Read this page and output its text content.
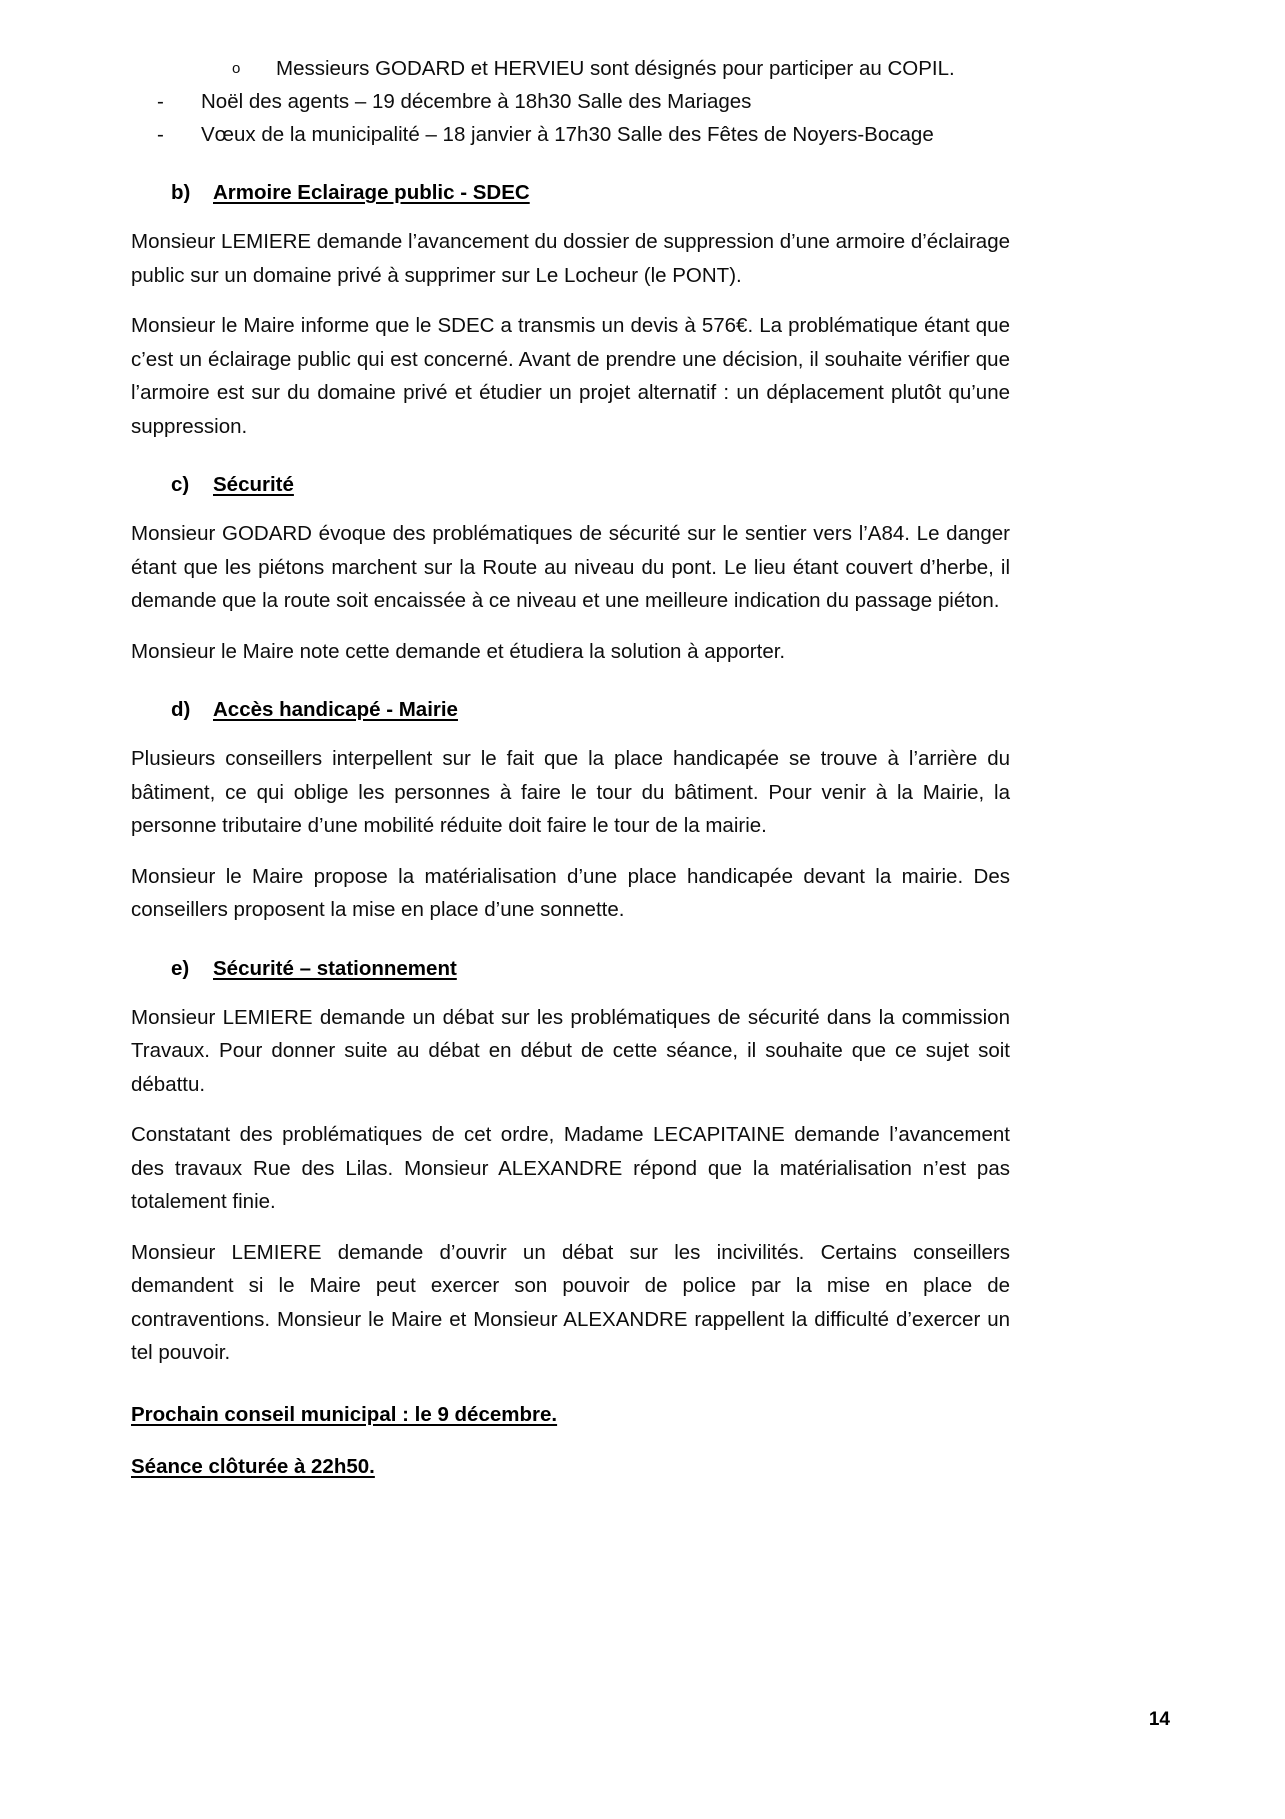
o	Messieurs GODARD et HERVIEU sont désignés pour participer au COPIL.
-	Noël des agents – 19 décembre à 18h30 Salle des Mariages
-	Vœux de la municipalité – 18 janvier à 17h30 Salle des Fêtes de Noyers-Bocage
b)	Armoire Eclairage public - SDEC

Monsieur LEMIERE demande l’avancement du dossier de suppression d’une armoire d’éclairage public sur un domaine privé à supprimer sur Le Locheur (le PONT).

Monsieur le Maire informe que le SDEC a transmis un devis à 576€. La problématique étant que c’est un éclairage public qui est concerné. Avant de prendre une décision, il souhaite vérifier que l’armoire est sur du domaine privé et étudier un projet alternatif : un déplacement plutôt qu’une suppression.

c)	Sécurité

Monsieur GODARD évoque des problématiques de sécurité sur le sentier vers l’A84. Le danger étant que les piétons marchent sur la Route au niveau du pont. Le lieu étant couvert d’herbe, il demande que la route soit encaissée à ce niveau et une meilleure indication du passage piéton.

Monsieur le Maire note cette demande et étudiera la solution à apporter.

d)	Accès handicapé - Mairie

Plusieurs conseillers interpellent sur le fait que la place handicapée se trouve à l’arrière du bâtiment, ce qui oblige les personnes à faire le tour du bâtiment. Pour venir à la Mairie, la personne tributaire d’une mobilité réduite doit faire le tour de la mairie.

Monsieur le Maire propose la matérialisation d’une place handicapée devant la mairie. Des conseillers proposent la mise en place d’une sonnette.

e)	Sécurité – stationnement

Monsieur LEMIERE demande un débat sur les problématiques de sécurité dans la commission Travaux. Pour donner suite au débat en début de cette séance, il souhaite que ce sujet soit débattu.

Constatant des problématiques de cet ordre, Madame LECAPITAINE demande l’avancement des travaux Rue des Lilas. Monsieur ALEXANDRE répond que la matérialisation n’est pas totalement finie.

Monsieur LEMIERE demande d’ouvrir un débat sur les incivilités. Certains conseillers demandent si le Maire peut exercer son pouvoir de police par la mise en place de contraventions. Monsieur le Maire et Monsieur ALEXANDRE rappellent la difficulté d’exercer un tel pouvoir.

Prochain conseil municipal : le 9 décembre.

Séance clôturée à 22h50.

14
